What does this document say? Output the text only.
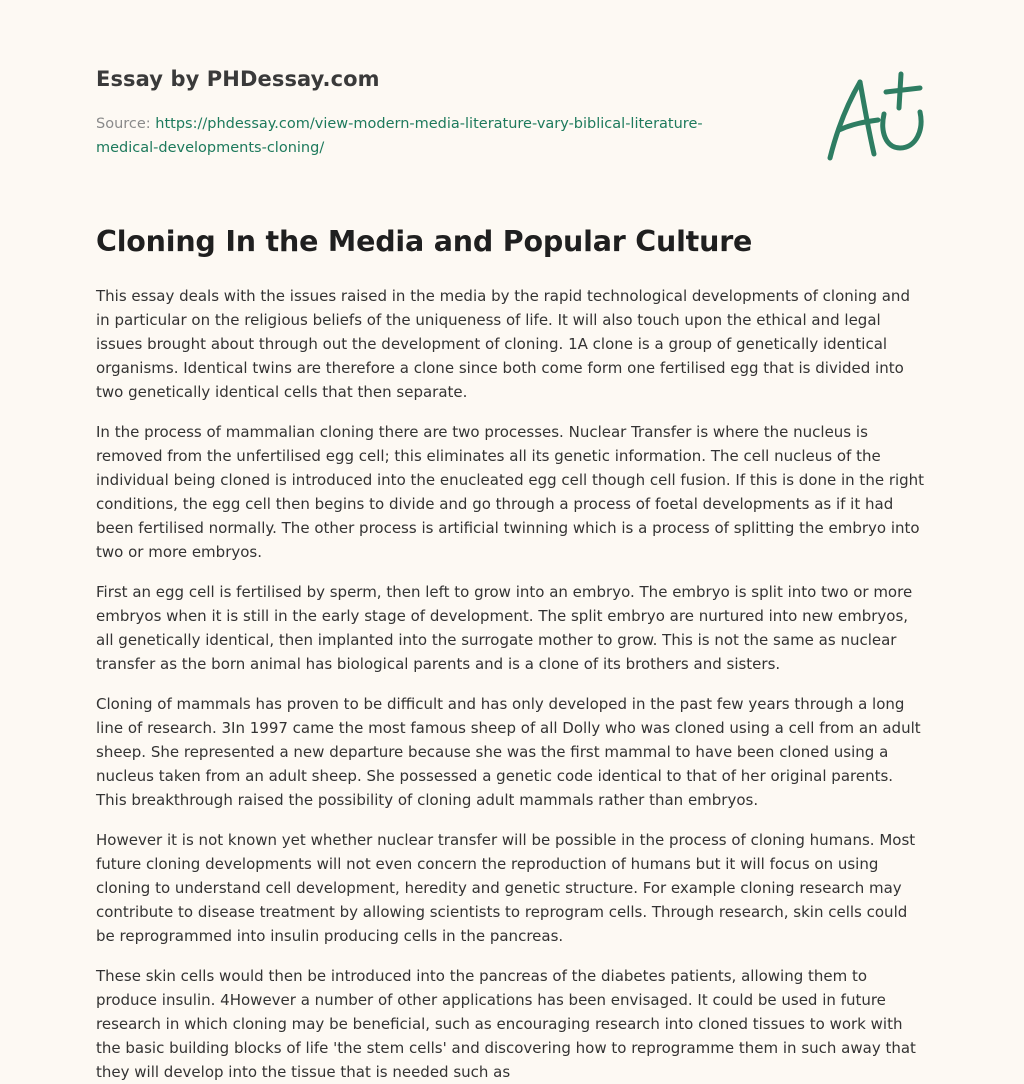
Essay by PHDessay.com
Source: https://phdessay.com/view-modern-media-literature-vary-biblical-literature-medical-developments-cloning/
Cloning In the Media and Popular Culture

This essay deals with the issues raised in the media by the rapid technological developments of cloning and in particular on the religious beliefs of the uniqueness of life. It will also touch upon the ethical and legal issues brought about through out the development of cloning. 1A clone is a group of genetically identical organisms. Identical twins are therefore a clone since both come form one fertilised egg that is divided into two genetically identical cells that then separate.

In the process of mammalian cloning there are two processes. Nuclear Transfer is where the nucleus is removed from the unfertilised egg cell; this eliminates all its genetic information. The cell nucleus of the individual being cloned is introduced into the enucleated egg cell though cell fusion. If this is done in the right conditions, the egg cell then begins to divide and go through a process of foetal developments as if it had been fertilised normally. The other process is artificial twinning which is a process of splitting the embryo into two or more embryos.

First an egg cell is fertilised by sperm, then left to grow into an embryo. The embryo is split into two or more embryos when it is still in the early stage of development. The split embryo are nurtured into new embryos, all genetically identical, then implanted into the surrogate mother to grow. This is not the same as nuclear transfer as the born animal has biological parents and is a clone of its brothers and sisters.

Cloning of mammals has proven to be difficult and has only developed in the past few years through a long line of research. 3In 1997 came the most famous sheep of all Dolly who was cloned using a cell from an adult sheep. She represented a new departure because she was the first mammal to have been cloned using a nucleus taken from an adult sheep. She possessed a genetic code identical to that of her original parents. This breakthrough raised the possibility of cloning adult mammals rather than embryos.

However it is not known yet whether nuclear transfer will be possible in the process of cloning humans. Most future cloning developments will not even concern the reproduction of humans but it will focus on using cloning to understand cell development, heredity and genetic structure. For example cloning research may contribute to disease treatment by allowing scientists to reprogram cells. Through research, skin cells could be reprogrammed into insulin producing cells in the pancreas.

These skin cells would then be introduced into the pancreas of the diabetes patients, allowing them to produce insulin. 4However a number of other applications has been envisaged. It could be used in future research in which cloning may be beneficial, such as encouraging research into cloned tissues to work with the basic building blocks of life 'the stem cells' and discovering how to reprogramme them in such away that they will develop into the tissue that is needed such as
